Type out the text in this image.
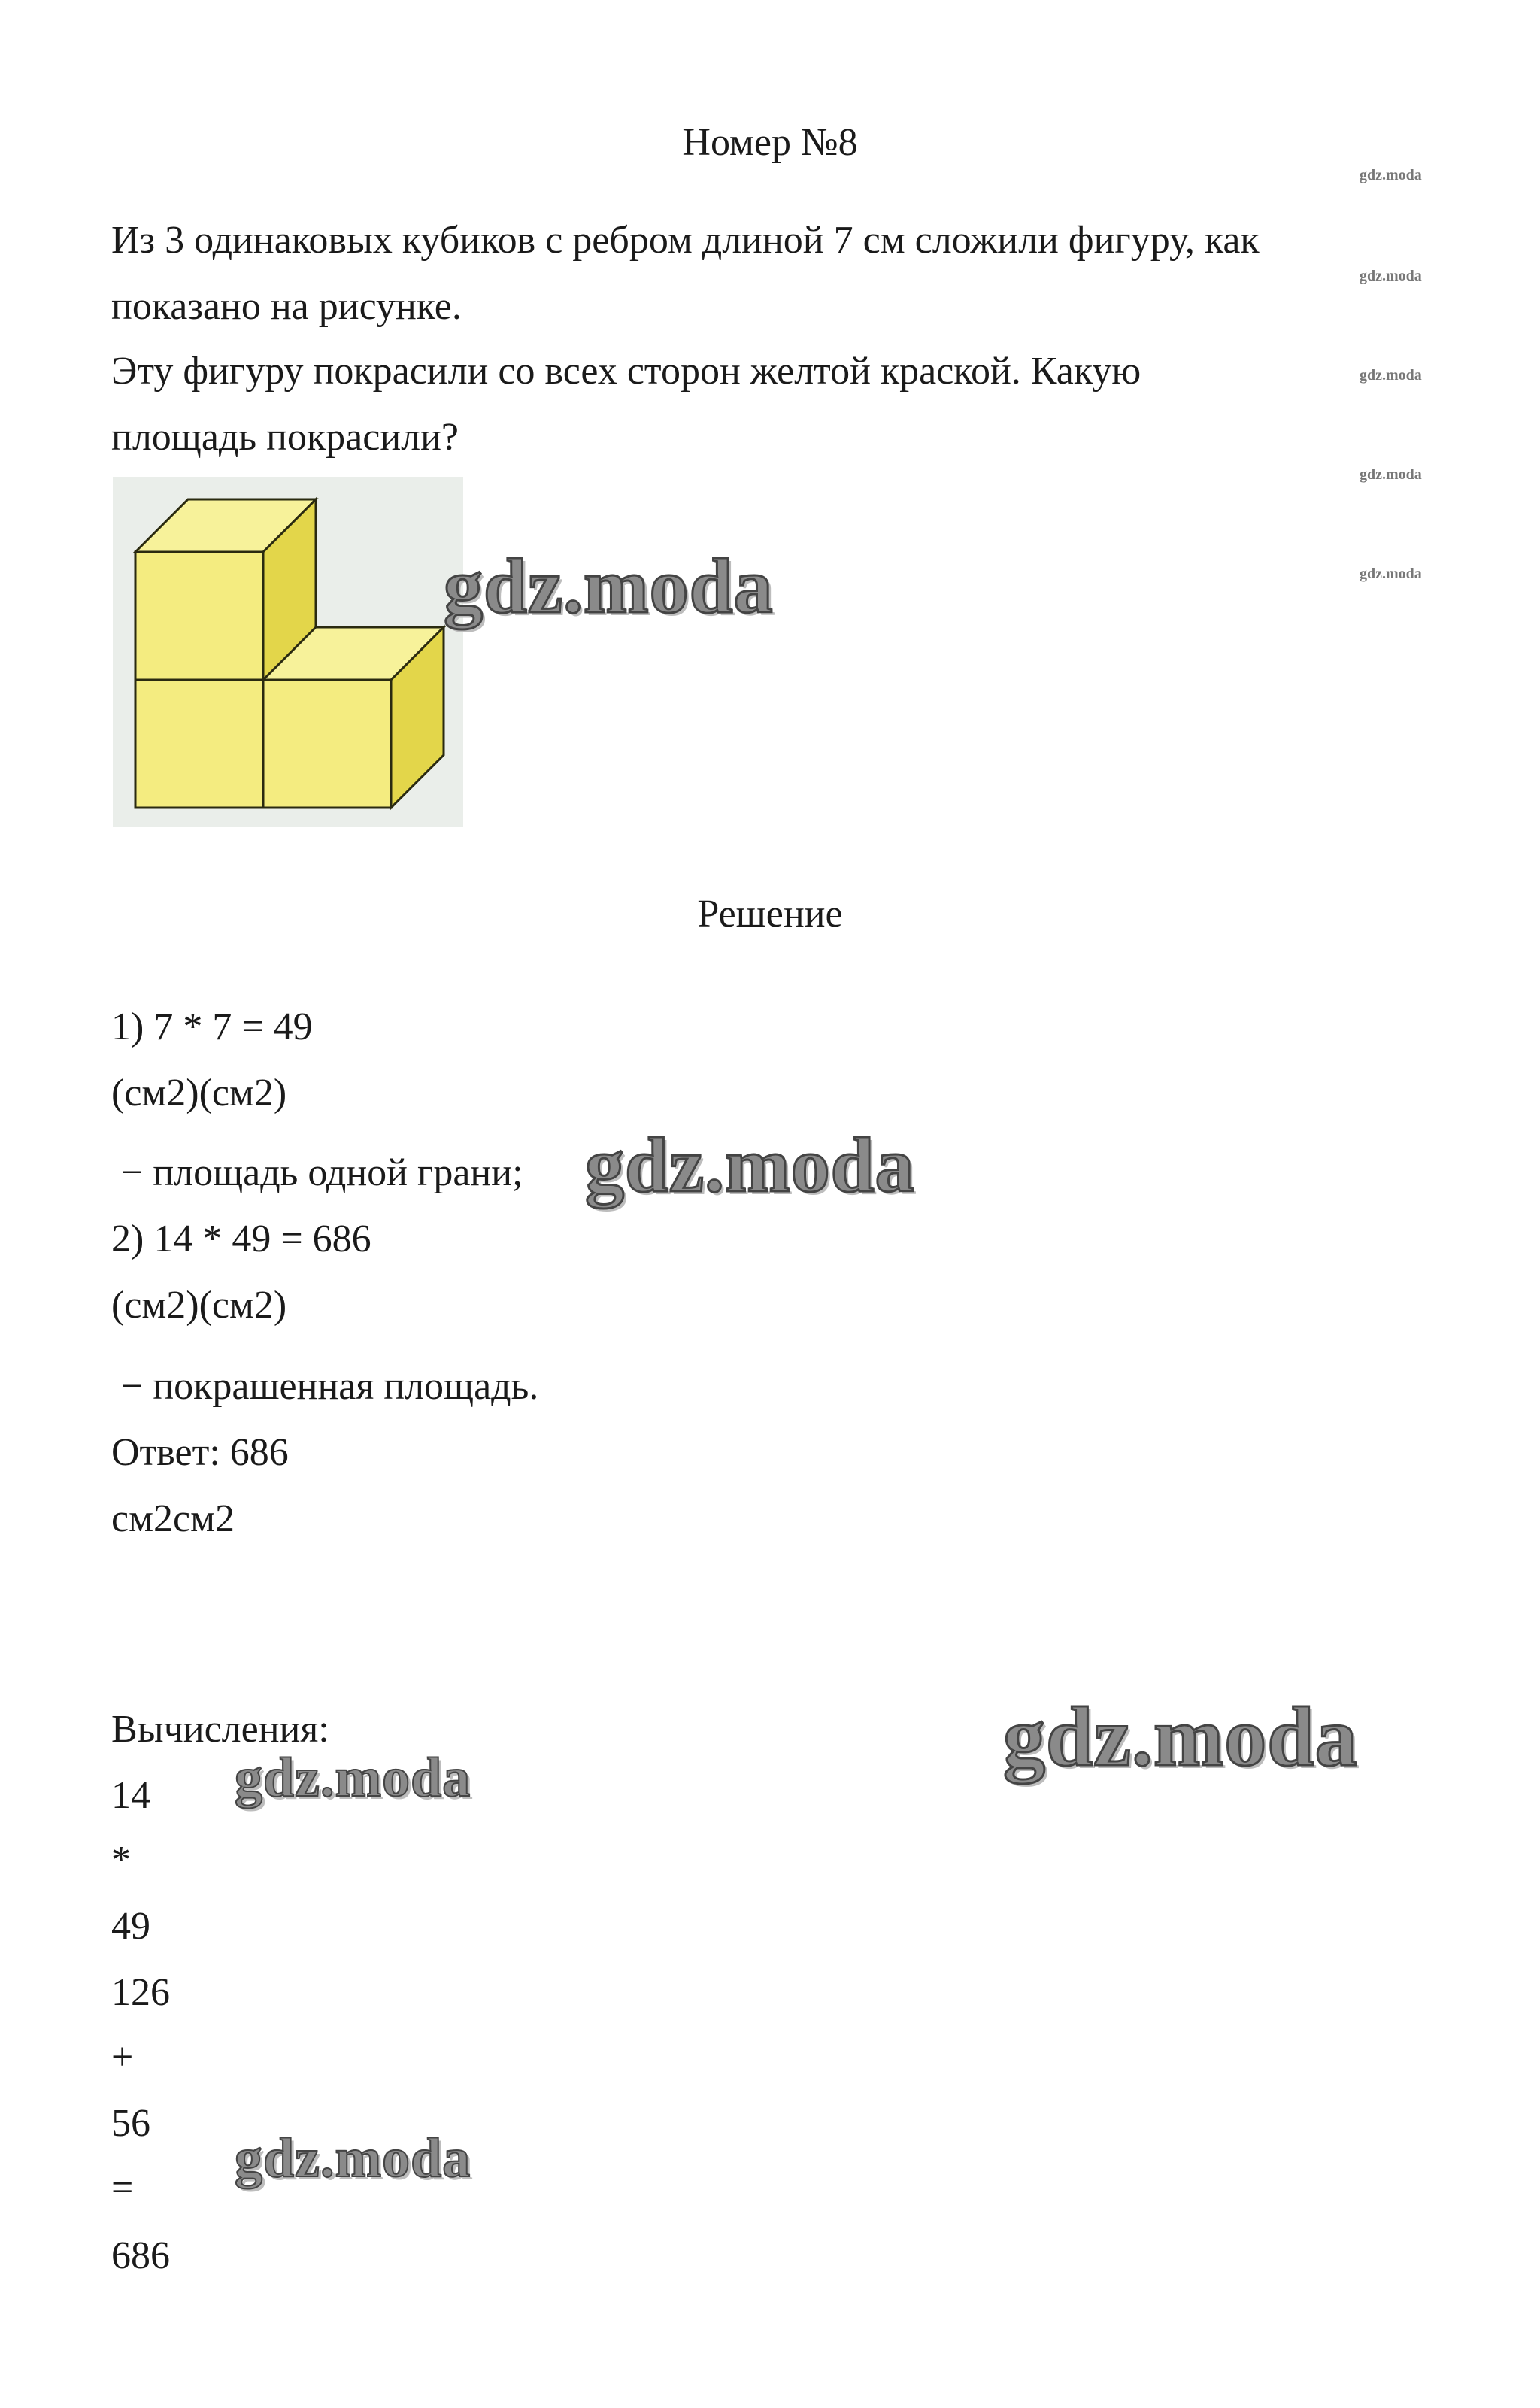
Номер №8
Из 3 одинаковых кубиков с ребром длиной 7 см сложили фигуру, как
показано на рисунке.
Эту фигуру покрасили со всех сторон желтой краской. Какую
площадь покрасили?
Решение
1) 7 * 7 = 49
(см2)(см2)
− площадь одной грани;
2) 14 * 49 = 686
(см2)(см2)
− покрашенная площадь.
Ответ: 686
см2см2
Вычисления:
14
*
49
126
+
56
=
686
gdz.moda
gdz.moda
gdz.moda
gdz.moda
gdz.moda
gdz.moda
gdz.moda
gdz.moda
gdz.moda
gdz.moda
